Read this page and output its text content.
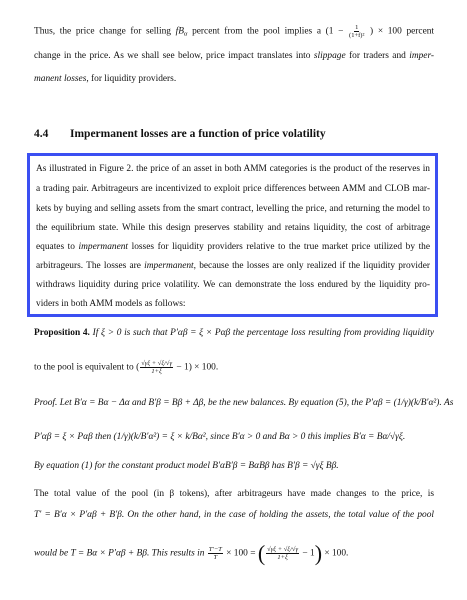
Thus, the price change for selling $fB_\alpha$ percent from the pool implies a ($1 - \frac{1}{\text{(1+f)²}}$ ) × 100 percent
change in the price. As we shall see below, price impact translates into slippage for traders and imper-
manent losses, for liquidity providers.
4.4 Impermanent losses are a function of price volatility
As illustrated in Figure 2. the price of an asset in both AMM categories is the product of the reserves in
a trading pair. Arbitrageurs are incentivized to exploit price differences between AMM and CLOB mar-
kets by buying and selling assets from the smart contract, levelling the price, and returning the model to
the equilibrium state. While this design preserves stability and retains liquidity, the cost of arbitrage
equates to impermanent losses for liquidity providers relative to the true market price utilized by the
arbitrageurs. The losses are impermanent, because the losses are only realized if the liquidity provider
Proposition 4. If ξ > 0 is such that P′αβ = ξ × Pαβ the percentage loss resulting from providing liquidity
to the pool is equivalent to ( $\frac{√\gamma\xi + √\xi/√\gamma}{1+\xi} - 1) \times 100$.
Proof. Let B′α = Bα − Δα and B′β = Bβ + Δβ, be the new balances. By equation (5), the P′αβ = (1/γ)(k/B′α²). As
P′αβ = ξ × Pαβ then (1/γ)(k/B′α²) = ξ × k/Bα², since B′α > 0 and Bα > 0 this implies B′α = Bα/√γξ.
By equation (1) for the constant product model B′αB′β = BαBβ has B′β = √γξ Bβ.
The total value of the pool (in β tokens), after arbitrageurs have made changes to the price, is
T′ = B′α × P′αβ + B′β. On the other hand, in the case of holding the assets, the total value of the pool
would be T = Bα × P′αβ + Bβ. This results in $\frac{T'-T}{T} \times 100$ = ( $\frac{√\gamma\xi + √\xi/√\gamma}{1+\xi} - 1) \times 100$.
withdraws liquidity during price volatility. We can demonstrate the loss endured by the liquidity pro-
viders in both AMM models as follows:
